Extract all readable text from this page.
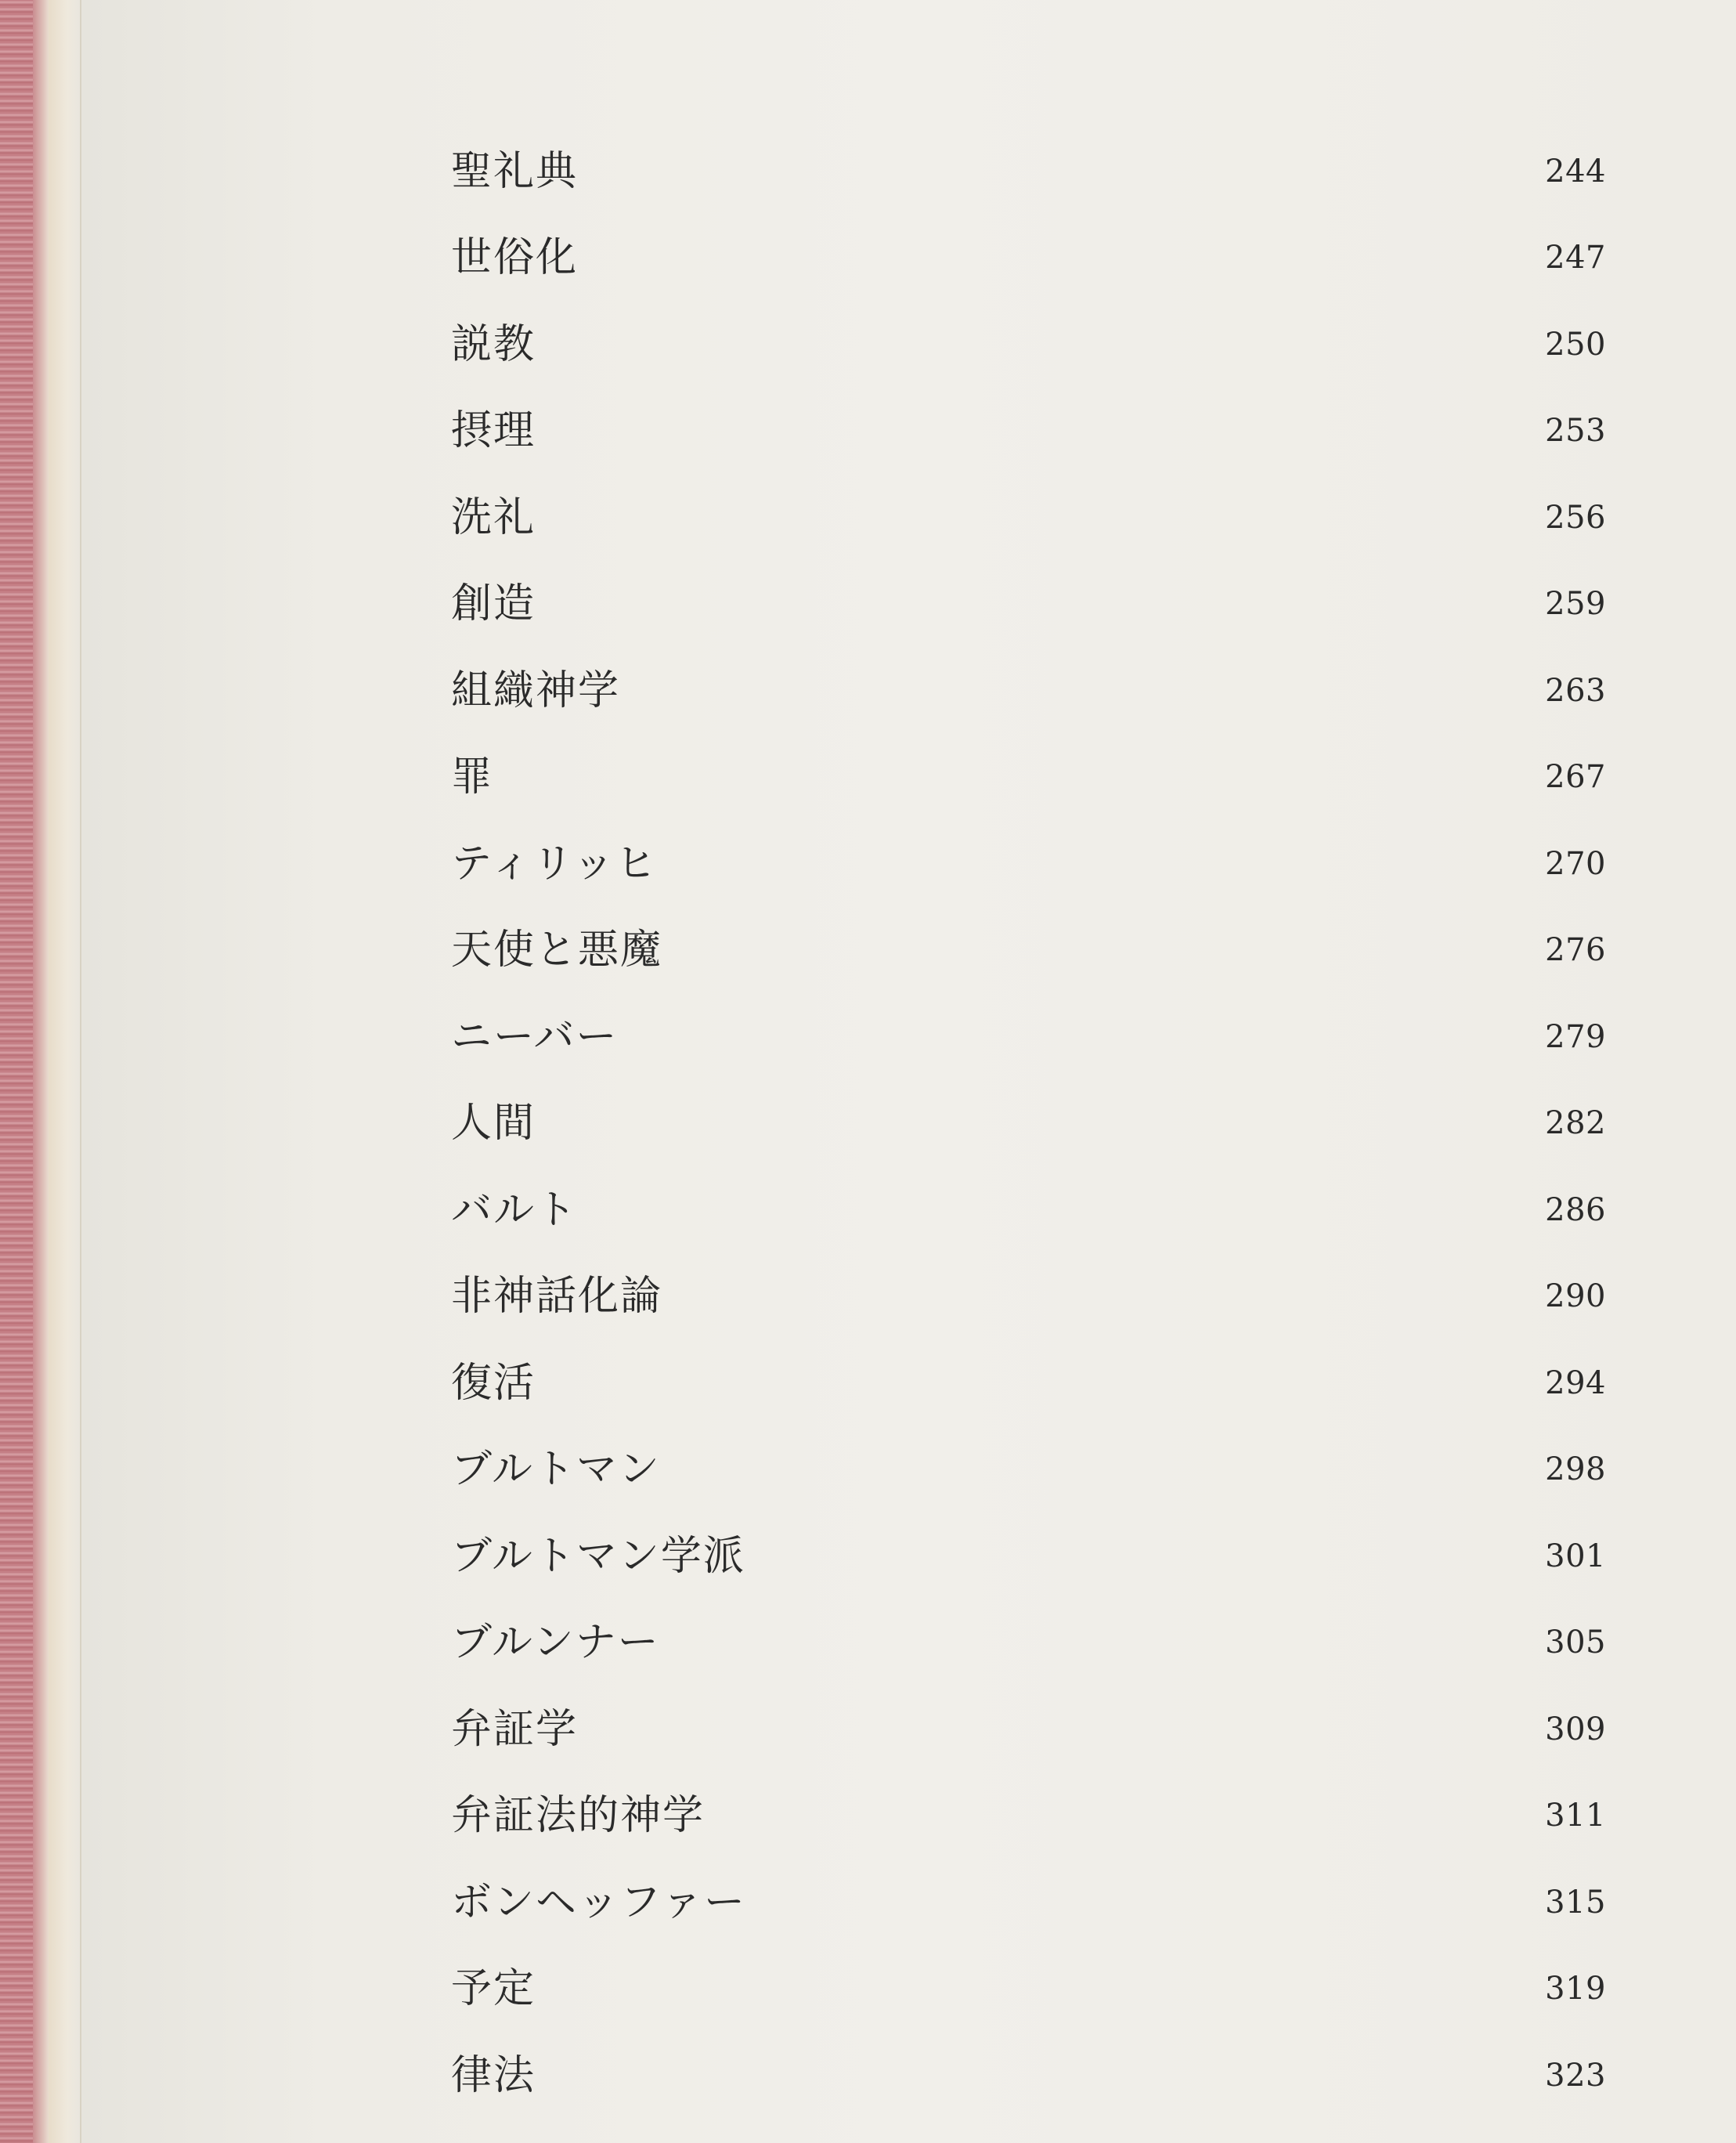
聖礼典	244
世俗化	247
説教	250
摂理	253
洗礼	256
創造	259
組織神学	263
罪	267
ティリッヒ	270
天使と悪魔	276
ニーバー	279
人間	282
バルト	286
非神話化論	290
復活	294
ブルトマン	298
ブルトマン学派	301
ブルンナー	305
弁証学	309
弁証法的神学	311
ボンヘッファー	315
予定	319
律法	323
